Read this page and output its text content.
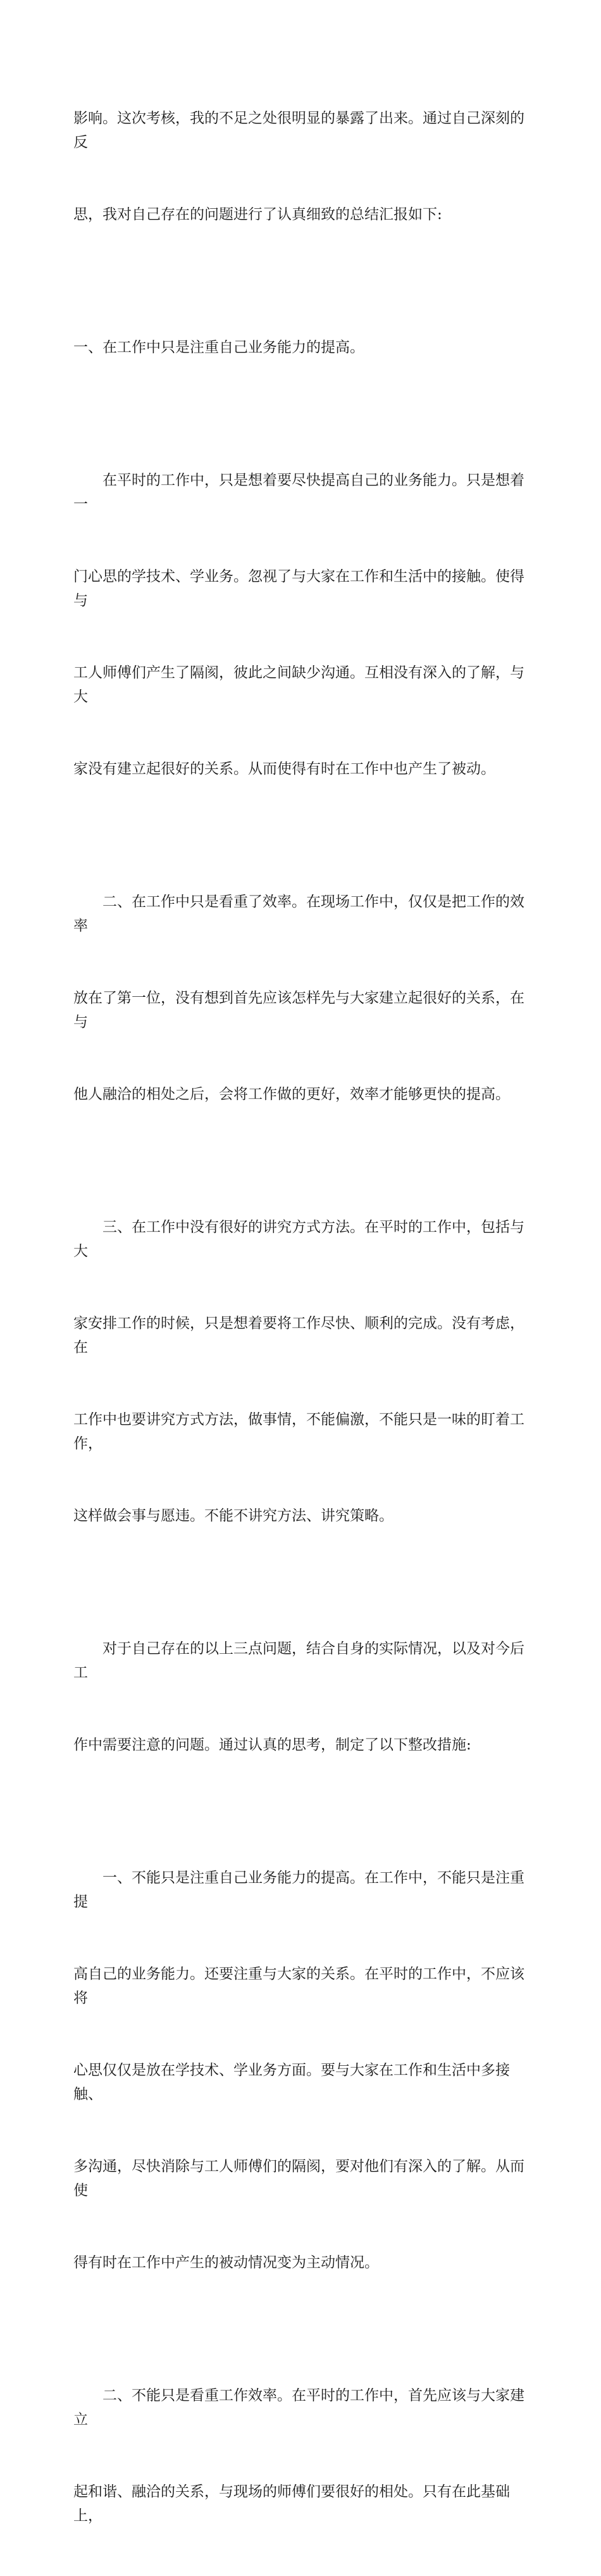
影响。这次考核，我的不足之处很明显的暴露了出来。通过自己深刻的反

思，我对自己存在的问题进行了认真细致的总结汇报如下:

一、在工作中只是注重自己业务能力的提高。

　　在平时的工作中，只是想着要尽快提高自己的业务能力。只是想着一

门心思的学技术、学业务。忽视了与大家在工作和生活中的接触。使得与

工人师傅们产生了隔阂，彼此之间缺少沟通。互相没有深入的了解，与大

家没有建立起很好的关系。从而使得有时在工作中也产生了被动。

　　二、在工作中只是看重了效率。在现场工作中，仅仅是把工作的效率

放在了第一位，没有想到首先应该怎样先与大家建立起很好的关系，在与

他人融洽的相处之后，会将工作做的更好，效率才能够更快的提高。

　　三、在工作中没有很好的讲究方式方法。在平时的工作中，包括与大

家安排工作的时候，只是想着要将工作尽快、顺利的完成。没有考虑，在

工作中也要讲究方式方法，做事情，不能偏激，不能只是一味的盯着工作，

这样做会事与愿违。不能不讲究方法、讲究策略。

　　对于自己存在的以上三点问题，结合自身的实际情况，以及对今后工

作中需要注意的问题。通过认真的思考，制定了以下整改措施:

　　一、不能只是注重自己业务能力的提高。在工作中，不能只是注重提

高自己的业务能力。还要注重与大家的关系。在平时的工作中，不应该将

心思仅仅是放在学技术、学业务方面。要与大家在工作和生活中多接触、

多沟通，尽快消除与工人师傅们的隔阂，要对他们有深入的了解。从而使

得有时在工作中产生的被动情况变为主动情况。

　　二、不能只是看重工作效率。在平时的工作中，首先应该与大家建立

起和谐、融洽的关系，与现场的师傅们要很好的相处。只有在此基础上，
